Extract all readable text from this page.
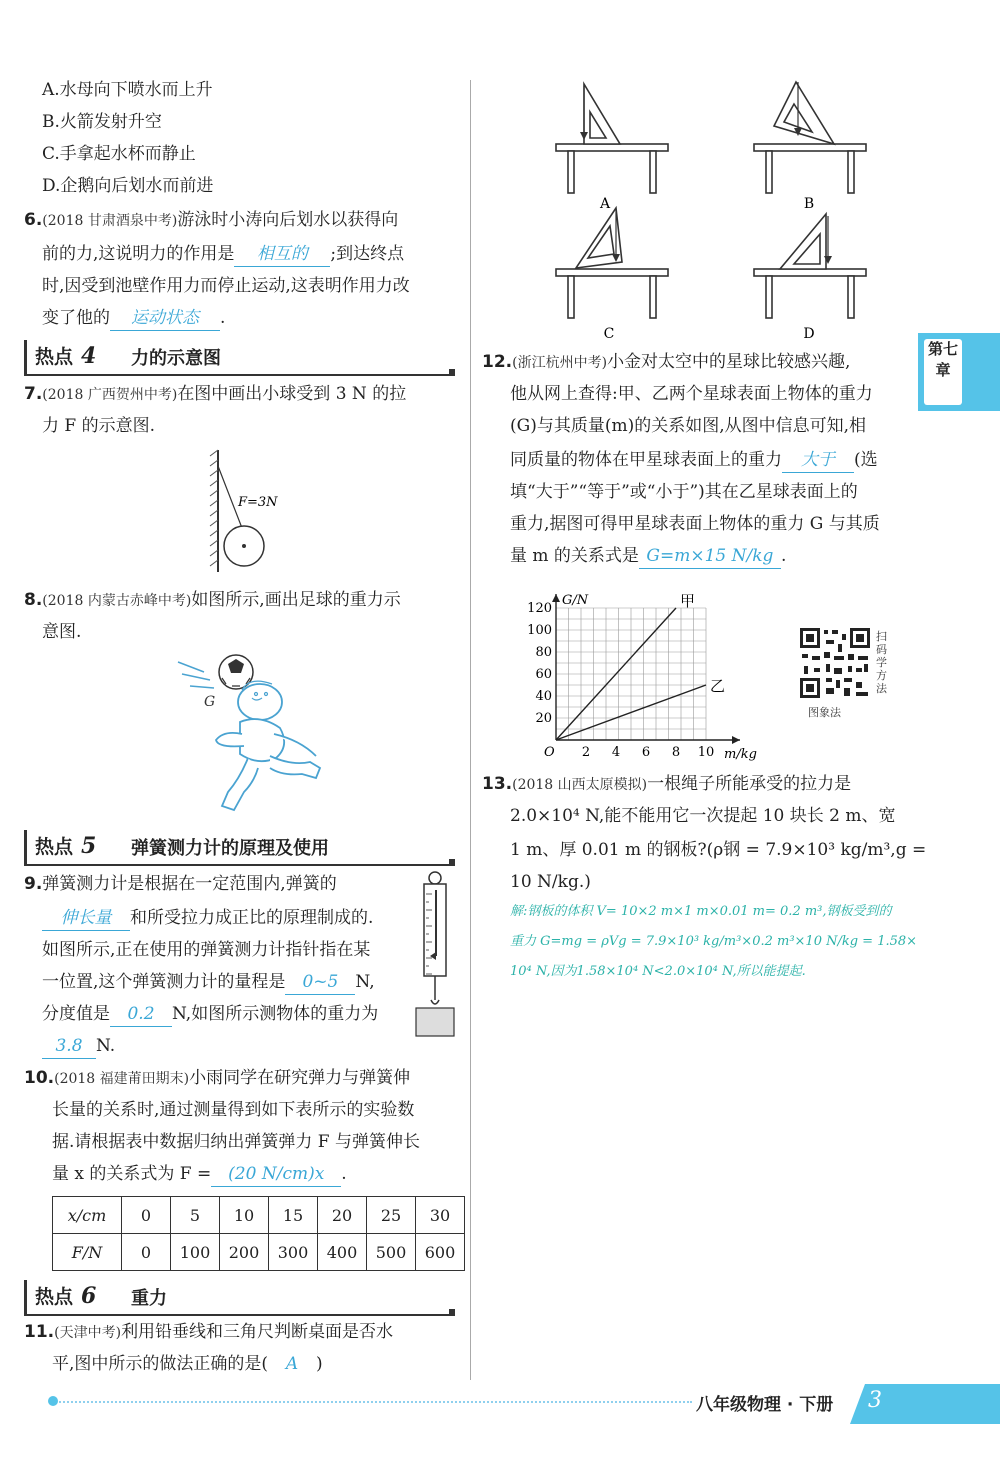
A.水母向下喷水而上升
B.火箭发射升空
C.手拿起水杯而静止
D.企鹅向后划水而前进
6.(2018 甘肃酒泉中考)游泳时小涛向后划水以获得向
前的力,这说明力的作用是 相互的 ;到达终点
时,因受到池壁作用力而停止运动,这表明作用力改
变了他的 运动状态 .
热点 4 力的示意图
7.(2018 广西贺州中考)在图中画出小球受到 3 N 的拉
力 F 的示意图.
F=3N
8.(2018 内蒙古赤峰中考)如图所示,画出足球的重力示
意图.
G
热点 5 弹簧测力计的原理及使用
9.弹簧测力计是根据在一定范围内,弹簧的
伸长量 和所受拉力成正比的原理制成的.
如图所示,正在使用的弹簧测力计指针指在某
一位置,这个弹簧测力计的量程是 0~5 N,
分度值是 0.2 N,如图所示测物体的重力为
3.8 N.
10.(2018 福建莆田期末)小雨同学在研究弹力与弹簧伸
长量的关系时,通过测量得到如下表所示的实验数
据.请根据表中数据归纳出弹簧弹力 F 与弹簧伸长
量 x 的关系式为 F = (20 N/cm)x .
x/cm	0	5	10	15	20	25	30
F/N	0	100	200	300	400	500	600
热点 6 重力
11.(天津中考)利用铅垂线和三角尺判断桌面是否水
平,图中所示的做法正确的是( A )
A	B
C	D
12.(浙江杭州中考)小金对太空中的星球比较感兴趣,
他从网上查得:甲、乙两个星球表面上物体的重力
(G)与其质量(m)的关系如图,从图中信息可知,相
同质量的物体在甲星球表面上的重力 大于 (选
填“大于”“等于”或“小于”)其在乙星球表面上的
重力,据图可得甲星球表面上物体的重力 G 与其质
量 m 的关系式是 G=m×15 N/kg .
2 4 6 8 10
20
40
60
80
100
120
O	m/kg
G/N	甲
乙
扫码学方法
图象法
13.(2018 山西太原模拟)一根绳子所能承受的拉力是
2.0×10⁴ N,能不能用它一次提起 10 块长 2 m、宽
1 m、厚 0.01 m 的钢板?(ρ钢 = 7.9×10³ kg/m³,g =
10 N/kg.)
解:钢板的体积 V= 10×2 m×1 m×0.01 m= 0.2 m³,钢板受到的
重力 G=mg = ρVg = 7.9×10³ kg/m³×0.2 m³×10 N/kg = 1.58×
10⁴ N,因为1.58×10⁴ N<2.0×10⁴ N,所以能提起.
第七章
八年级物理 · 下册 3
